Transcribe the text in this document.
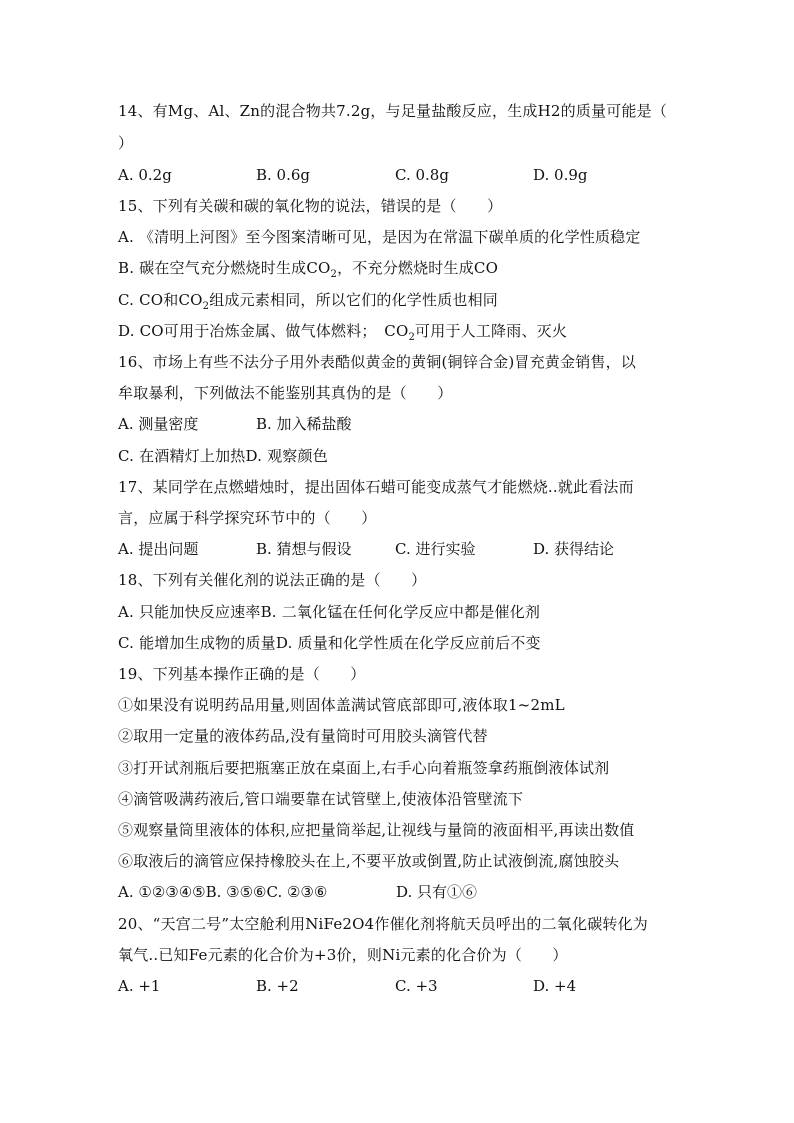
14、有Mg、Al、Zn的混合物共7.2g，与足量盐酸反应，生成H2的质量可能是（
）
A. 0.2g	B. 0.6g	C. 0.8g	D. 0.9g
15、下列有关碳和碳的氧化物的说法，错误的是（　　）
A. 《清明上河图》至今图案清晰可见，是因为在常温下碳单质的化学性质稳定
B. 碳在空气充分燃烧时生成$CO_2$，不充分燃烧时生成CO
C. CO和$CO_2$组成元素相同，所以它们的化学性质也相同
D. CO可用于冶炼金属、做气体燃料；　$CO_2$可用于人工降雨、灭火
16、市场上有些不法分子用外表酷似黄金的黄铜(铜锌合金)冒充黄金销售，以
牟取暴利，下列做法不能鉴别其真伪的是（　　）
A. 测量密度	B. 加入稀盐酸
C. 在酒精灯上加热D. 观察颜色
17、某同学在点燃蜡烛时，提出固体石蜡可能变成蒸气才能燃烧..就此看法而
言，应属于科学探究环节中的（　　）
A. 提出问题	B. 猜想与假设	C. 进行实验	D. 获得结论
18、下列有关催化剂的说法正确的是（　　）
A. 只能加快反应速率B. 二氧化锰在任何化学反应中都是催化剂
C. 能增加生成物的质量D. 质量和化学性质在化学反应前后不变
19、下列基本操作正确的是（　　）
①如果没有说明药品用量,则固体盖满试管底部即可,液体取1~2mL
②取用一定量的液体药品,没有量筒时可用胶头滴管代替
③打开试剂瓶后要把瓶塞正放在桌面上,右手心向着瓶签拿药瓶倒液体试剂
④滴管吸满药液后,管口端要靠在试管壁上,使液体沿管壁流下
⑤观察量筒里液体的体积,应把量筒举起,让视线与量筒的液面相平,再读出数值
⑥取液后的滴管应保持橡胶头在上,不要平放或倒置,防止试液倒流,腐蚀胶头
A. ①②③④⑤B. ③⑤⑥C. ②③⑥	D. 只有①⑥
20、“天宫二号”太空舱利用NiFe2O4作催化剂将航天员呼出的二氧化碳转化为
氧气..已知Fe元素的化合价为+3价，则Ni元素的化合价为（　　）
A. +1	B. +2	C. +3	D. +4
